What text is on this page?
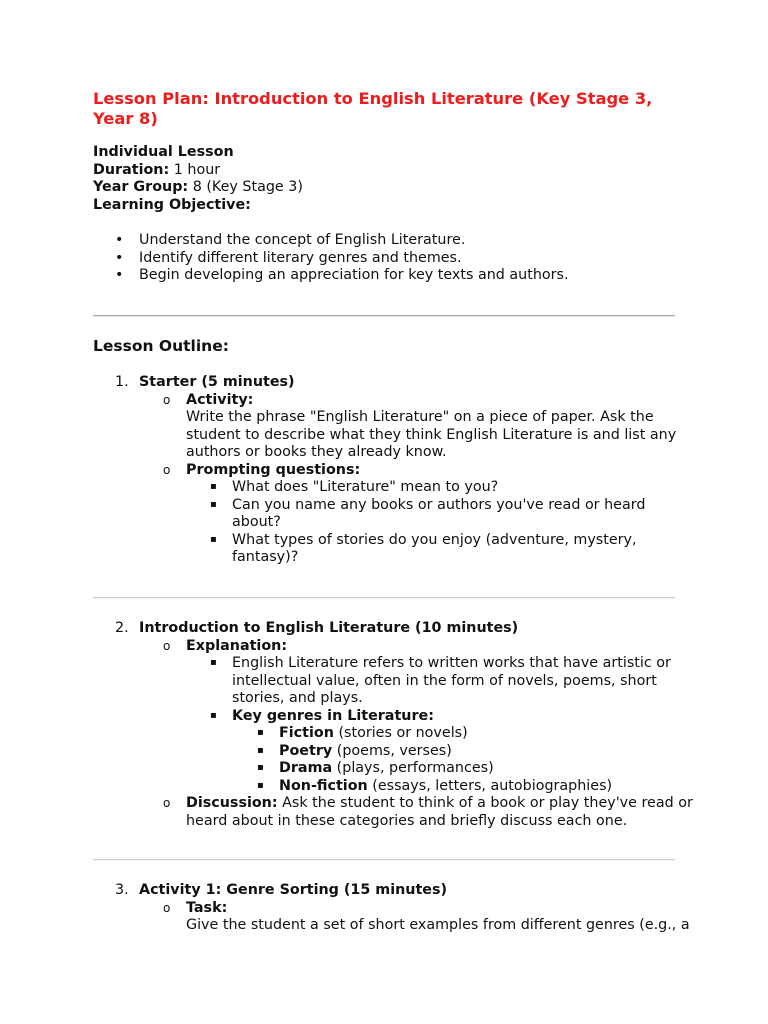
Lesson Plan: Introduction to English Literature (Key Stage 3, Year 8)
Individual Lesson
Duration: 1 hour
Year Group: 8 (Key Stage 3)
Learning Objective:
• Understand the concept of English Literature.
• Identify different literary genres and themes.
• Begin developing an appreciation for key texts and authors.
Lesson Outline:
1. Starter (5 minutes)
o Activity:
Write the phrase "English Literature" on a piece of paper. Ask the student to describe what they think English Literature is and list any authors or books they already know.
o Prompting questions:
▪ What does "Literature" mean to you?
▪ Can you name any books or authors you've read or heard about?
▪ What types of stories do you enjoy (adventure, mystery, fantasy)?
2. Introduction to English Literature (10 minutes)
o Explanation:
▪ English Literature refers to written works that have artistic or intellectual value, often in the form of novels, poems, short stories, and plays.
▪ Key genres in Literature:
▪ Fiction (stories or novels)
▪ Poetry (poems, verses)
▪ Drama (plays, performances)
▪ Non-fiction (essays, letters, autobiographies)
o Discussion: Ask the student to think of a book or play they've read or heard about in these categories and briefly discuss each one.
3. Activity 1: Genre Sorting (15 minutes)
o Task:
Give the student a set of short examples from different genres (e.g., a
